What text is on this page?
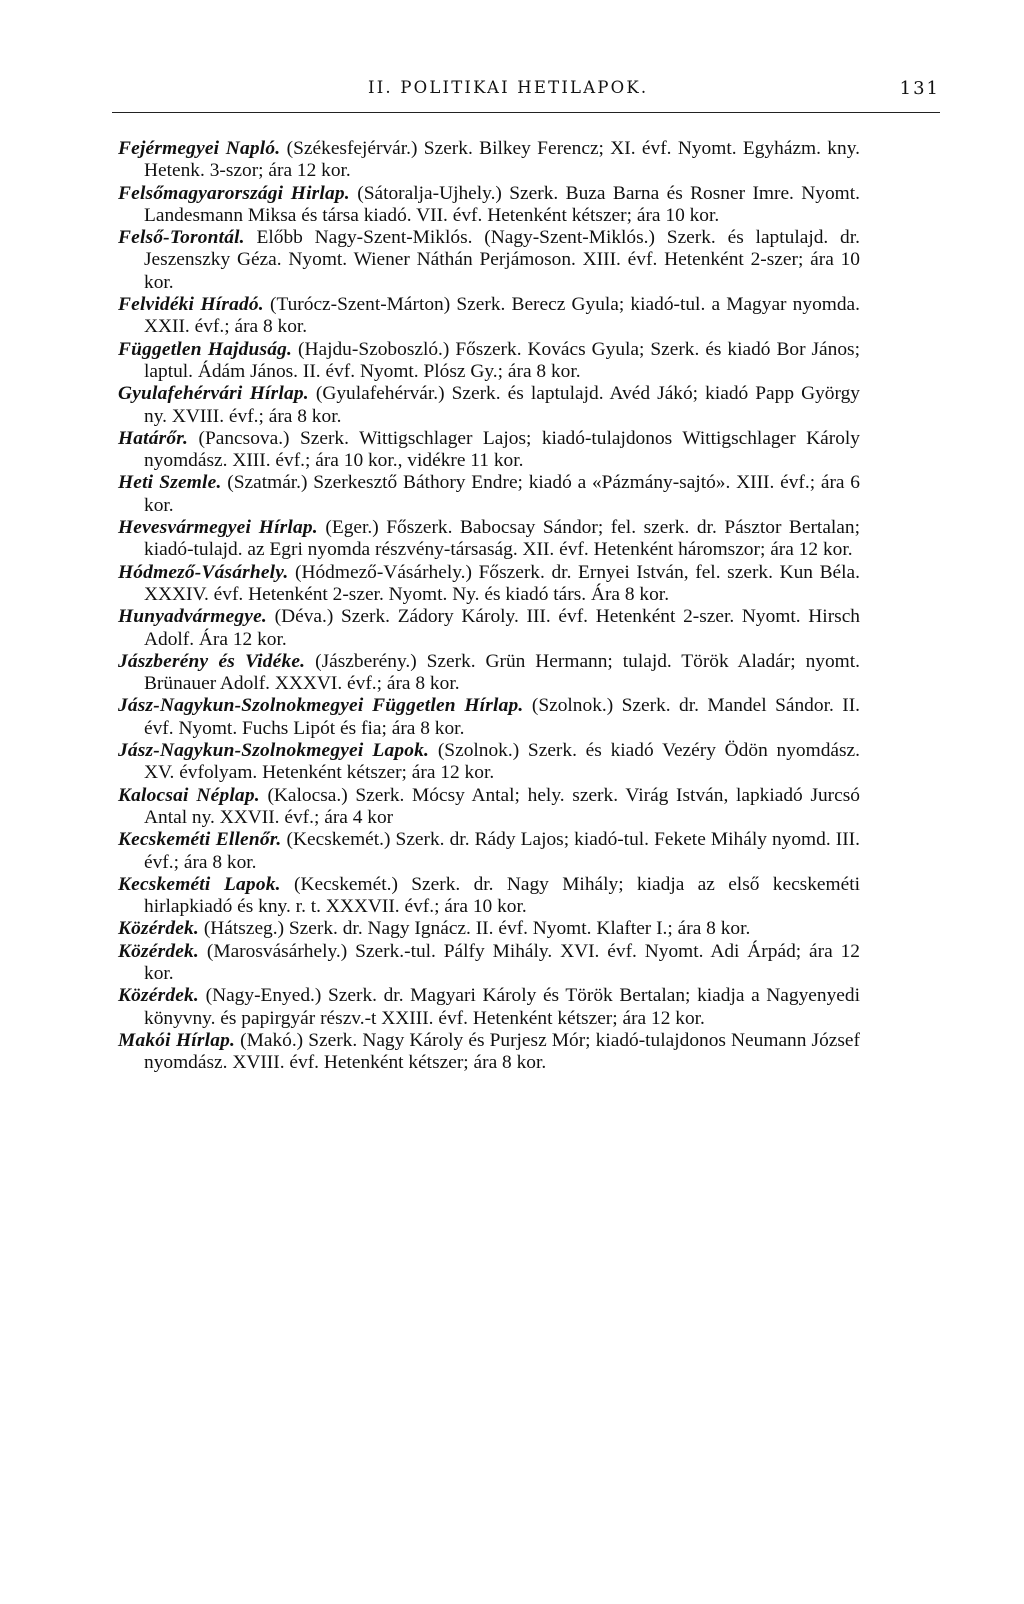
II. POLITIKAI HETILAPOK.	131

Fejérmegyei Napló. (Székesfejérvár.) Szerk. Bilkey Ferencz; XI. évf. Nyomt. Egyházm. kny. Hetenk. 3-szor; ára 12 kor.

Felsőmagyarországi Hirlap. (Sátoralja-Ujhely.) Szerk. Buza Barna és Rosner Imre. Nyomt. Landesmann Miksa és társa kiadó. VII. évf. Hetenként kétszer; ára 10 kor.

Felső-Torontál. Előbb Nagy-Szent-Miklós. (Nagy-Szent-Miklós.) Szerk. és laptulajd. dr. Jeszenszky Géza. Nyomt. Wiener Náthán Perjámoson. XIII. évf. Hetenként 2-szer; ára 10 kor.

Felvidéki Híradó. (Turócz-Szent-Márton) Szerk. Berecz Gyula; kiadó-tul. a Magyar nyomda. XXII. évf.; ára 8 kor.

Független Hajduság. (Hajdu-Szoboszló.) Főszerk. Kovács Gyula; Szerk. és kiadó Bor János; laptul. Ádám János. II. évf. Nyomt. Plósz Gy.; ára 8 kor.

Gyulafehérvári Hírlap. (Gyulafehérvár.) Szerk. és laptulajd. Avéd Jákó; kiadó Papp György ny. XVIII. évf.; ára 8 kor.

Határőr. (Pancsova.) Szerk. Wittigschlager Lajos; kiadó-tulajdonos Wittigschlager Károly nyomdász. XIII. évf.; ára 10 kor., vidékre 11 kor.

Heti Szemle. (Szatmár.) Szerkesztő Báthory Endre; kiadó a «Pázmány-sajtó». XIII. évf.; ára 6 kor.

Hevesvármegyei Hírlap. (Eger.) Főszerk. Babocsay Sándor; fel. szerk. dr. Pásztor Bertalan; kiadó-tulajd. az Egri nyomda részvény-társaság. XII. évf. Hetenként háromszor; ára 12 kor.

Hódmező-Vásárhely. (Hódmező-Vásárhely.) Főszerk. dr. Ernyei István, fel. szerk. Kun Béla. XXXIV. évf. Hetenként 2-szer. Nyomt. Ny. és kiadó társ. Ára 8 kor.

Hunyadvármegye. (Déva.) Szerk. Zádory Károly. III. évf. Hetenként 2-szer. Nyomt. Hirsch Adolf. Ára 12 kor.

Jászberény és Vidéke. (Jászberény.) Szerk. Grün Hermann; tulajd. Török Aladár; nyomt. Brünauer Adolf. XXXVI. évf.; ára 8 kor.

Jász-Nagykun-Szolnokmegyei Független Hírlap. (Szolnok.) Szerk. dr. Mandel Sándor. II. évf. Nyomt. Fuchs Lipót és fia; ára 8 kor.

Jász-Nagykun-Szolnokmegyei Lapok. (Szolnok.) Szerk. és kiadó Vezéry Ödön nyomdász. XV. évfolyam. Hetenként kétszer; ára 12 kor.

Kalocsai Néplap. (Kalocsa.) Szerk. Mócsy Antal; hely. szerk. Virág István, lapkiadó Jurcsó Antal ny. XXVII. évf.; ára 4 kor

Kecskeméti Ellenőr. (Kecskemét.) Szerk. dr. Rády Lajos; kiadó-tul. Fekete Mihály nyomd. III. évf.; ára 8 kor.

Kecskeméti Lapok. (Kecskemét.) Szerk. dr. Nagy Mihály; kiadja az első kecskeméti hirlapkiadó és kny. r. t. XXXVII. évf.; ára 10 kor.

Közérdek. (Hátszeg.) Szerk. dr. Nagy Ignácz. II. évf. Nyomt. Klafter I.; ára 8 kor.

Közérdek. (Marosvásárhely.) Szerk.-tul. Pálfy Mihály. XVI. évf. Nyomt. Adi Árpád; ára 12 kor.

Közérdek. (Nagy-Enyed.) Szerk. dr. Magyari Károly és Török Bertalan; kiadja a Nagyenyedi könyvny. és papirgyár részv.-t XXIII. évf. Hetenként kétszer; ára 12 kor.

Makói Hírlap. (Makó.) Szerk. Nagy Károly és Purjesz Mór; kiadó-tulajdonos Neumann József nyomdász. XVIII. évf. Hetenként kétszer; ára 8 kor.
